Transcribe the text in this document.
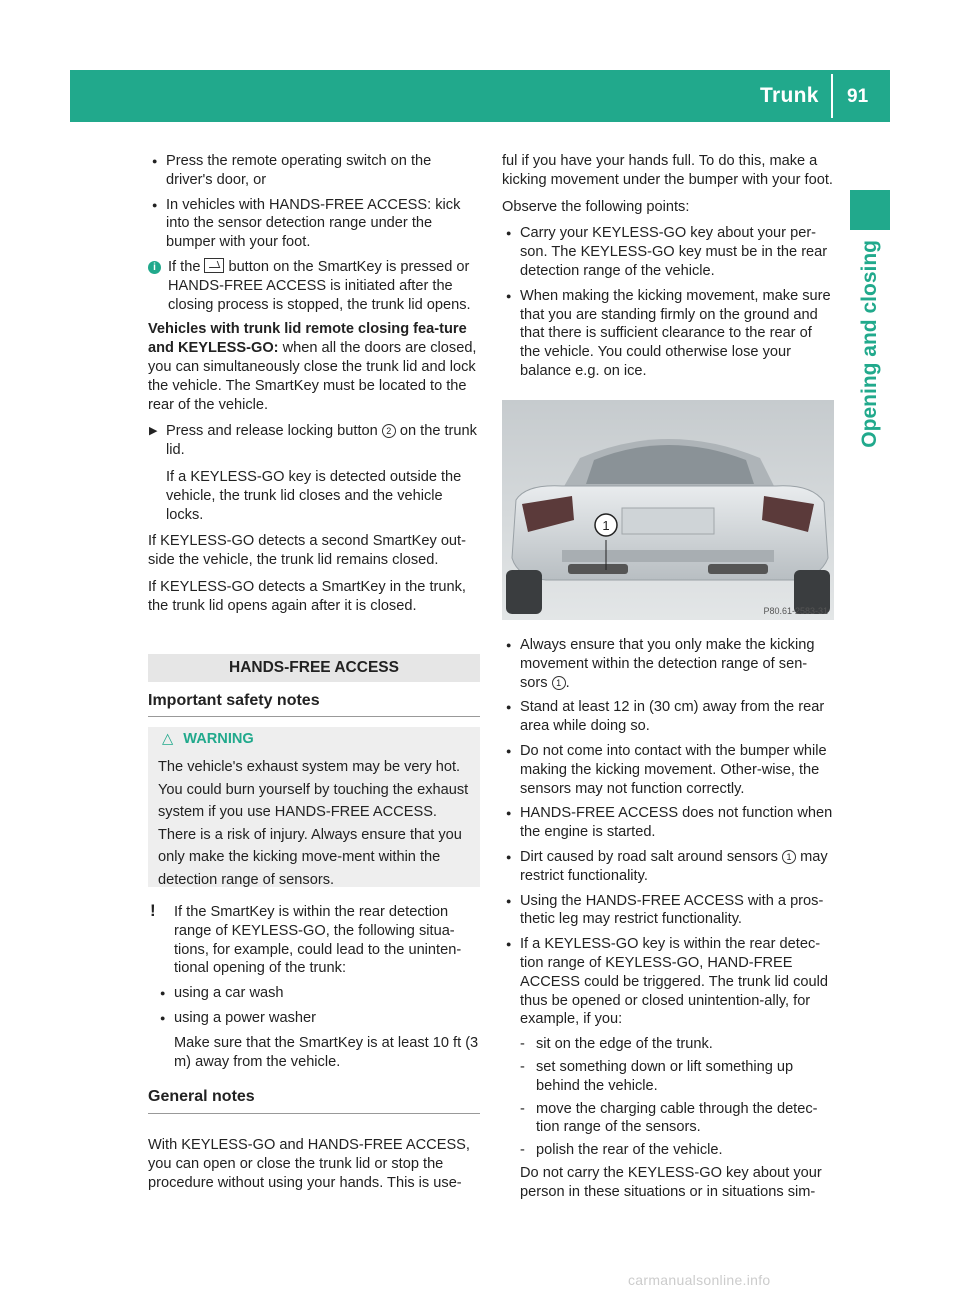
Trunk 91
Opening and closing
● Press the remote operating switch on the driver's door, or
● In vehicles with HANDS-FREE ACCESS: kick into the sensor detection range under the bumper with your foot.
i If the button on the SmartKey is pressed or HANDS-FREE ACCESS is initiated after the closing process is stopped, the trunk lid opens.

Vehicles with trunk lid remote closing fea-ture and KEYLESS-GO: when all the doors are closed, you can simultaneously close the trunk lid and lock the vehicle. The SmartKey must be located to the rear of the vehicle.

▶ Press and release locking button 2 on the trunk lid.
If a KEYLESS-GO key is detected outside the vehicle, the trunk lid closes and the vehicle locks.

If KEYLESS-GO detects a second SmartKey out-side the vehicle, the trunk lid remains closed.

If KEYLESS-GO detects a SmartKey in the trunk, the trunk lid opens again after it is closed.

HANDS-FREE ACCESS
Important safety notes
△ WARNING
The vehicle's exhaust system may be very hot. You could burn yourself by touching the exhaust system if you use HANDS-FREE ACCESS. There is a risk of injury. Always ensure that you only make the kicking move-ment within the detection range of sensors.
! If the SmartKey is within the rear detection range of KEYLESS-GO, the following situa-tions, for example, could lead to the uninten-tional opening of the trunk:
● using a car wash
● using a power washer
Make sure that the SmartKey is at least 10 ft (3 m) away from the vehicle.
General notes
With KEYLESS-GO and HANDS-FREE ACCESS, you can open or close the trunk lid or stop the procedure without using your hands. This is use-

ful if you have your hands full. To do this, make a kicking movement under the bumper with your foot.

Observe the following points:

● Carry your KEYLESS-GO key about your per-son. The KEYLESS-GO key must be in the rear detection range of the vehicle.
● When making the kicking movement, make sure that you are standing firmly on the ground and that there is sufficient clearance to the rear of the vehicle. You could otherwise lose your balance e.g. on ice.
1
P80.61-2583-31
● Always ensure that you only make the kicking movement within the detection range of sen-sors 1 .
● Stand at least 12 in (30 cm) away from the rear area while doing so.
● Do not come into contact with the bumper while making the kicking movement. Other-wise, the sensors may not function correctly.
● HANDS-FREE ACCESS does not function when the engine is started.
● Dirt caused by road salt around sensors 1 may restrict functionality.
● Using the HANDS-FREE ACCESS with a pros-thetic leg may restrict functionality.
● If a KEYLESS-GO key is within the rear detec-tion range of KEYLESS-GO, HAND-FREE ACCESS could be triggered. The trunk lid could thus be opened or closed unintention-ally, for example, if you:
- sit on the edge of the trunk.
- set something down or lift something up behind the vehicle.
- move the charging cable through the detec-tion range of the sensors.
- polish the rear of the vehicle.
Do not carry the KEYLESS-GO key about your person in these situations or in situations sim-
carmanualsonline.info
